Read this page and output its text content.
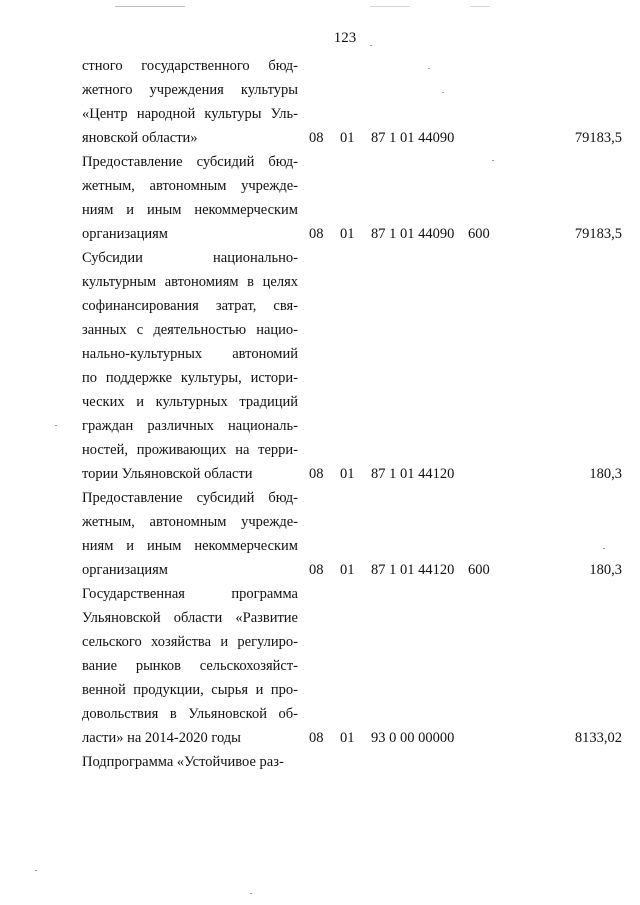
123
стного государственного бюд-
жетного учреждения культуры
«Центр народной культуры Уль-
яновской области»	08 01 87 1 01 44090	79183,5
Предоставление субсидий бюд-
жетным, автономным учрежде-
ниям и иным некоммерческим
организациям	08 01 87 1 01 44090 600	79183,5
Субсидии национально-
культурным автономиям в целях
софинансирования затрат, свя-
занных с деятельностью нацио-
нально-культурных автономий
по поддержке культуры, истори-
ческих и культурных традиций
граждан различных националь-
ностей, проживающих на терри-
тории Ульяновской области	08 01 87 1 01 44120	180,3
Предоставление субсидий бюд-
жетным, автономным учрежде-
ниям и иным некоммерческим
организациям	08 01 87 1 01 44120 600	180,3
Государственная программа
Ульяновской области «Развитие
сельского хозяйства и регулиро-
вание рынков сельскохозяйст-
венной продукции, сырья и про-
довольствия в Ульяновской об-
ласти» на 2014-2020 годы	08 01 93 0 00 00000	8133,02
Подпрограмма «Устойчивое раз-
